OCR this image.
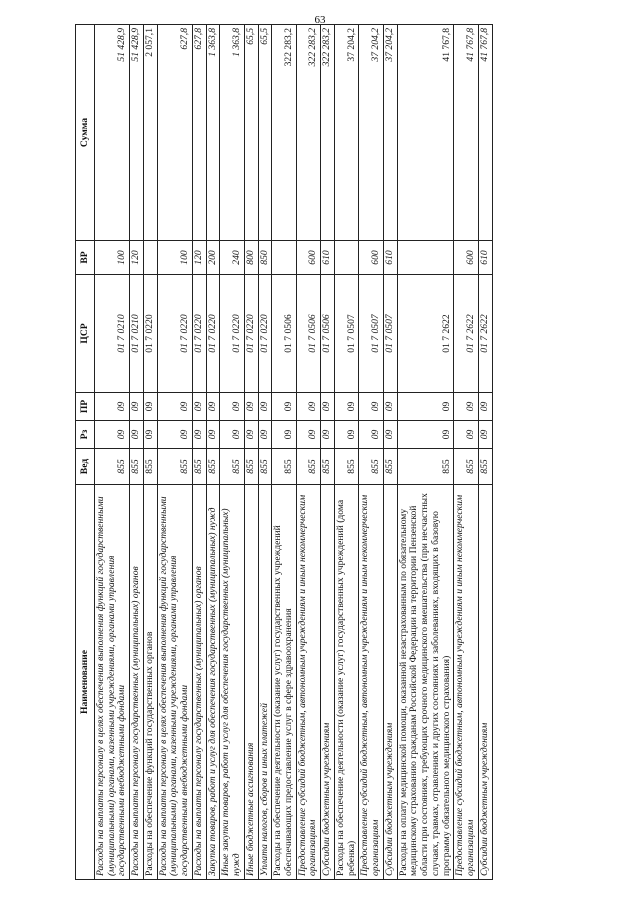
63
Наименование	Вед	Рз	ПР	ЦСР	ВР	Сумма
Расходы на выплаты персоналу в целях обеспечения выполнения функций государственными (муниципальными) органами, казенными учреждениями, органами управления государственными внебюджетными фондами	855	09	09	01 7 0210	100	51 428,9
Расходы на выплаты персоналу государственных (муниципальных) органов	855	09	09	01 7 0210	120	51 428,9
Расходы на обеспечение функций государственных органов	855	09	09	01 7 0220		2 057,1
Расходы на выплаты персоналу в целях обеспечения выполнения функций государственными (муниципальными) органами, казенными учреждениями, органами управления государственными внебюджетными фондами	855	09	09	01 7 0220	100	627,8
Расходы на выплаты персоналу государственных (муниципальных) органов	855	09	09	01 7 0220	120	627,8
Закупка товаров, работ и услуг для обеспечения государственных (муниципальных) нужд	855	09	09	01 7 0220	200	1 363,8
Иные закупки товаров, работ и услуг для обеспечения государственных (муниципальных) нужд	855	09	09	01 7 0220	240	1 363,8
Иные бюджетные ассигнования	855	09	09	01 7 0220	800	65,5
Уплата налогов, сборов и иных платежей	855	09	09	01 7 0220	850	65,5
Расходы на обеспечение деятельности (оказание услуг) государственных учреждений обеспечивающих предоставление услуг в сфере здравоохранения	855	09	09	01 7 0506		322 283,2
Предоставление субсидий бюджетным, автономным учреждениям и иным некоммерческим организациям	855	09	09	01 7 0506	600	322 283,2
Субсидии бюджетным учреждениям	855	09	09	01 7 0506	610	322 283,2
Расходы на обеспечение деятельности (оказание услуг) государственных учреждений (дома ребенка)	855	09	09	01 7 0507		37 204,2
Предоставление субсидий бюджетным, автономным учреждениям и иным некоммерческим организациям	855	09	09	01 7 0507	600	37 204,2
Субсидии бюджетным учреждениям	855	09	09	01 7 0507	610	37 204,2
Расходы на оплату медицинской помощи, оказанной незастрахованным по обязательному медицинскому страхованию гражданам Российской Федерации на территории Пензенской области при состояниях, требующих срочного медицинского вмешательства (при несчастных случаях, травмах, отравлениях и других состояниях и заболеваниях, входящих в базовую программу обязательного медицинского страхования)	855	09	09	01 7 2622		41 767,8
Предоставление субсидий бюджетным, автономным учреждениям и иным некоммерческим организациям	855	09	09	01 7 2622	600	41 767,8
Субсидии бюджетным учреждениям	855	09	09	01 7 2622	610	41 767,8
